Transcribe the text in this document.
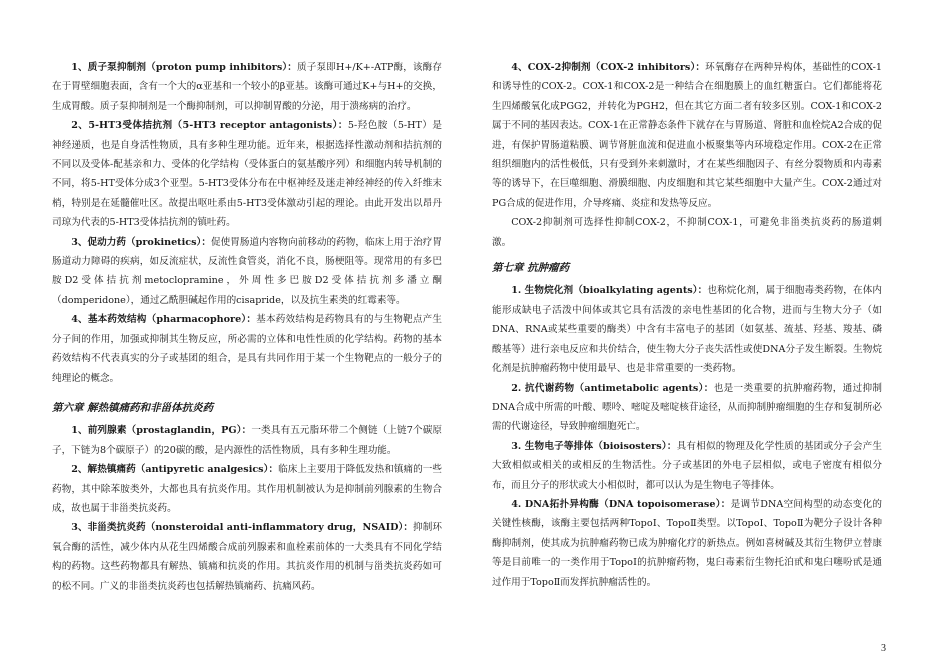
1、质子泵抑制剂（proton pump inhibitors）：质子泵即H+/K+-ATP酶，该酶存在于胃壁细胞表面，含有一个大的α亚基和一个较小的β亚基。该酶可通过K+与H+的交换，生成胃酸。质子泵抑制剂是一个酶抑制剂，可以抑制胃酸的分泌，用于溃疡病的治疗。

2、5-HT3受体拮抗剂（5-HT3 receptor antagonists）：5-羟色胺（5-HT）是神经递质，也是自身活性物质，具有多种生理功能。近年来，根据选择性激动剂和拮抗剂的不同以及受体-配基亲和力、受体的化学结构（受体蛋白的氨基酸序列）和细胞内转导机制的不同，将5-HT受体分成3个亚型。5-HT3受体分布在中枢神经及迷走神经神经的传入纤维末梢，特别是在延髓催吐区。故提出呕吐系由5-HT3受体激动引起的理论。由此开发出以昂丹司琼为代表的5-HT3受体拮抗剂的镇吐药。

3、促动力药（prokinetics）：促使胃肠道内容物向前移动的药物，临床上用于治疗胃肠道动力障碍的疾病，如反流症状，反流性食管炎，消化不良，肠梗阻等。现常用的有多巴胺D2受体拮抗剂metoclopramine，外周性多巴胺D2受体拮抗剂多潘立酮（domperidone），通过乙酰胆碱起作用的cisapride，以及抗生素类的红霉素等。

4、基本药效结构（pharmacophore）：基本药效结构是药物具有的与生物靶点产生分子间的作用，加强或抑制其生物反应，所必需的立体和电性性质的化学结构。药物的基本药效结构不代表真实的分子或基团的组合，是具有共同作用于某一个生物靶点的一般分子的纯理论的概念。

第六章 解热镇痛药和非甾体抗炎药

1、前列腺素（prostaglandin，PG）：一类具有五元脂环带二个侧链（上链7个碳原子，下链为8个碳原子）的20碳的酸，是内源性的活性物质，具有多种生理功能。

2、解热镇痛药（antipyretic analgesics）：临床上主要用于降低发热和镇痛的一些药物，其中除苯胺类外，大都也具有抗炎作用。其作用机制被认为是抑制前列腺素的生物合成，故也属于非甾类抗炎药。

3、非甾类抗炎药（nonsteroidal anti-inflammatory drug，NSAID）：抑制环氧合酶的活性，减少体内从花生四烯酸合成前列腺素和血栓素前体的一大类具有不同化学结构的药物。这些药物都具有解热、镇痛和抗炎的作用。其抗炎作用的机制与甾类抗炎药如可的松不同。广义的非甾类抗炎药也包括解热镇痛药、抗痛风药。

4、COX-2抑制剂（COX-2 inhibitors）：环氧酶存在两种异构体，基础性的COX-1和诱导性的COX-2。COX-1和COX-2是一种结合在细胞膜上的血红糖蛋白。它们都能将花生四烯酸氧化成PGG2，并转化为PGH2，但在其它方面二者有较多区别。COX-1和COX-2属于不同的基因表达。COX-1在正常静态条件下就存在与胃肠道、肾脏和血栓烷A2合成的促进，有保护胃肠道粘膜、调节肾脏血流和促进血小板聚集等内环境稳定作用。COX-2在正常组织细胞内的活性极低，只有受到外来刺激时，才在某些细胞因子、有丝分裂物质和内毒素等的诱导下，在巨噬细胞、滑膜细胞、内皮细胞和其它某些细胞中大量产生。COX-2通过对PG合成的促进作用，介导疼痛、炎症和发热等反应。

COX-2抑制剂可选择性抑制COX-2，不抑制COX-1，可避免非甾类抗炎药的肠道刺激。

第七章 抗肿瘤药

1. 生物烷化剂（bioalkylating agents）：也称烷化剂，属于细胞毒类药物，在体内能形成缺电子活泼中间体或其它具有活泼的亲电性基团的化合物，进而与生物大分子（如DNA、RNA或某些重要的酶类）中含有丰富电子的基团（如氨基、巯基、羟基、羧基、磷酸基等）进行亲电反应和共价结合，使生物大分子丧失活性或使DNA分子发生断裂。生物烷化剂是抗肿瘤药物中使用最早、也是非常重要的一类药物。

2. 抗代谢药物（antimetabolic agents）：也是一类重要的抗肿瘤药物，通过抑制DNA合成中所需的叶酸、嘌呤、嘧啶及嘧啶核苷途径，从而抑制肿瘤细胞的生存和复制所必需的代谢途径，导致肿瘤细胞死亡。

3. 生物电子等排体（bioisosters）：具有相似的物理及化学性质的基团或分子会产生大致相似或相关的或相反的生物活性。分子或基团的外电子层相似，或电子密度有相似分布，而且分子的形状或大小相似时，都可以认为是生物电子等排体。

4. DNA拓扑异构酶（DNA topoisomerase）：是调节DNA空间构型的动态变化的关键性核酶，该酶主要包括两种TopoⅠ、TopoⅡ类型。以TopoⅠ、TopoⅡ为靶分子设计各种酶抑制剂，使其成为抗肿瘤药物已成为肿瘤化疗的新热点。例如喜树碱及其衍生物伊立替康等是目前唯一的一类作用于TopoⅠ的抗肿瘤药物，鬼臼毒素衍生物托泊甙和鬼臼噻吩甙是通过作用于TopoⅡ而发挥抗肿瘤活性的。

3
